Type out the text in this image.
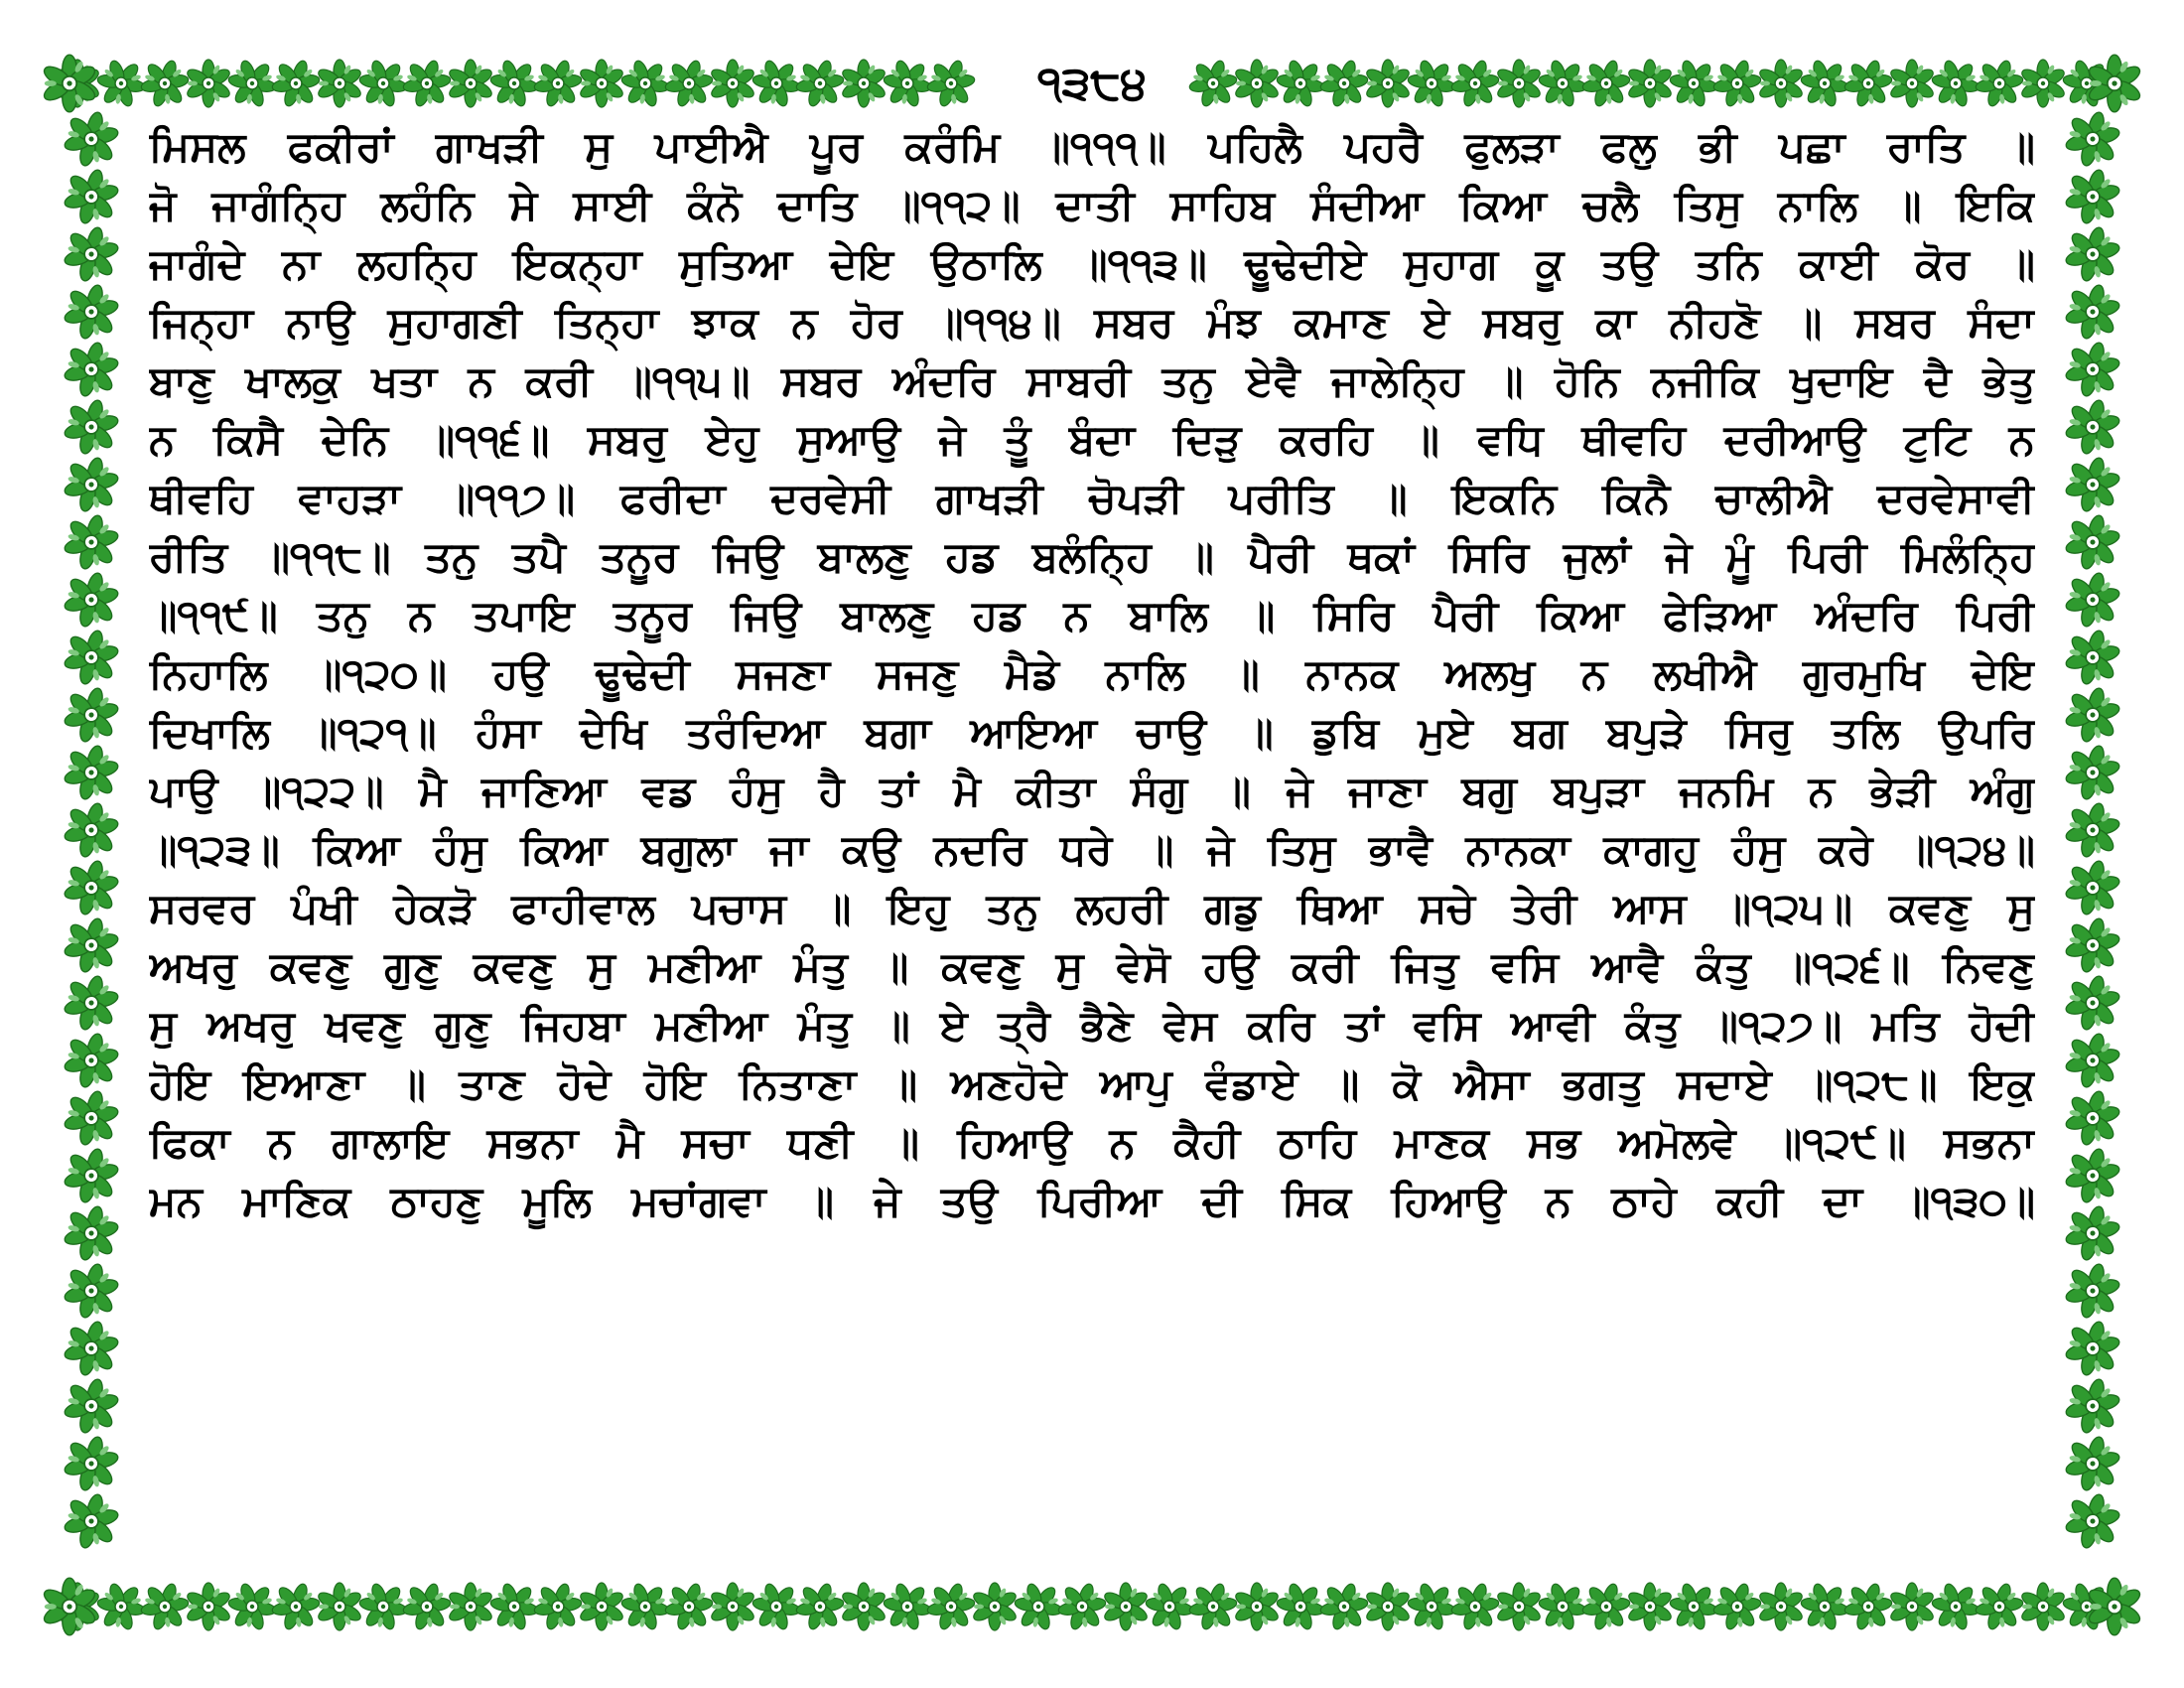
੧੩੮੪
ਮਿਸਲ ਫਕੀਰਾਂ ਗਾਖੜੀ ਸੁ ਪਾਈਐ ਪੂਰ ਕਰੰਮਿ ॥੧੧੧॥ ਪਹਿਲੈ ਪਹਰੈ ਫੁਲੜਾ ਫਲੁ ਭੀ ਪਛਾ ਰਾਤਿ ॥
ਜੋ ਜਾਗੰਨ੍ਹਿ ਲਹੰਨਿ ਸੇ ਸਾਈ ਕੰਨੋ ਦਾਤਿ ॥੧੧੨॥ ਦਾਤੀ ਸਾਹਿਬ ਸੰਦੀਆ ਕਿਆ ਚਲੈ ਤਿਸੁ ਨਾਲਿ ॥ ਇਕਿ
ਜਾਗੰਦੇ ਨਾ ਲਹਨ੍ਹਿ ਇਕਨ੍ਹਾ ਸੁਤਿਆ ਦੇਇ ਉਠਾਲਿ ॥੧੧੩॥ ਢੂਢੇਦੀਏ ਸੁਹਾਗ ਕੂ ਤਉ ਤਨਿ ਕਾਈ ਕੋਰ ॥
ਜਿਨ੍ਹਾ ਨਾਉ ਸੁਹਾਗਣੀ ਤਿਨ੍ਹਾ ਝਾਕ ਨ ਹੋਰ ॥੧੧੪॥ ਸਬਰ ਮੰਝ ਕਮਾਣ ਏ ਸਬਰੁ ਕਾ ਨੀਹਣੋ ॥ ਸਬਰ ਸੰਦਾ
ਬਾਣੁ ਖਾਲਕੁ ਖਤਾ ਨ ਕਰੀ ॥੧੧੫॥ ਸਬਰ ਅੰਦਰਿ ਸਾਬਰੀ ਤਨੁ ਏਵੈ ਜਾਲੇਨ੍ਹਿ ॥ ਹੋਨਿ ਨਜੀਕਿ ਖੁਦਾਇ ਦੈ ਭੇਤੁ
ਨ ਕਿਸੈ ਦੇਨਿ ॥੧੧੬॥ ਸਬਰੁ ਏਹੁ ਸੁਆਉ ਜੇ ਤੂੰ ਬੰਦਾ ਦਿੜੁ ਕਰਹਿ ॥ ਵਧਿ ਥੀਵਹਿ ਦਰੀਆਉ ਟੁਟਿ ਨ
ਥੀਵਹਿ ਵਾਹੜਾ ॥੧੧੭॥ ਫਰੀਦਾ ਦਰਵੇਸੀ ਗਾਖੜੀ ਚੋਪੜੀ ਪਰੀਤਿ ॥ ਇਕਨਿ ਕਿਨੈ ਚਾਲੀਐ ਦਰਵੇਸਾਵੀ
ਰੀਤਿ ॥੧੧੮॥ ਤਨੁ ਤਪੈ ਤਨੂਰ ਜਿਉ ਬਾਲਣੁ ਹਡ ਬਲੰਨ੍ਹਿ ॥ ਪੈਰੀ ਥਕਾਂ ਸਿਰਿ ਜੁਲਾਂ ਜੇ ਮੂੰ ਪਿਰੀ ਮਿਲੰਨ੍ਹਿ
॥੧੧੯॥ ਤਨੁ ਨ ਤਪਾਇ ਤਨੂਰ ਜਿਉ ਬਾਲਣੁ ਹਡ ਨ ਬਾਲਿ ॥ ਸਿਰਿ ਪੈਰੀ ਕਿਆ ਫੇੜਿਆ ਅੰਦਰਿ ਪਿਰੀ
ਨਿਹਾਲਿ ॥੧੨੦॥ ਹਉ ਢੂਢੇਦੀ ਸਜਣਾ ਸਜਣੁ ਮੈਡੇ ਨਾਲਿ ॥ ਨਾਨਕ ਅਲਖੁ ਨ ਲਖੀਐ ਗੁਰਮੁਖਿ ਦੇਇ
ਦਿਖਾਲਿ ॥੧੨੧॥ ਹੰਸਾ ਦੇਖਿ ਤਰੰਦਿਆ ਬਗਾ ਆਇਆ ਚਾਉ ॥ ਡੁਬਿ ਮੁਏ ਬਗ ਬਪੁੜੇ ਸਿਰੁ ਤਲਿ ਉਪਰਿ
ਪਾਉ ॥੧੨੨॥ ਮੈ ਜਾਣਿਆ ਵਡ ਹੰਸੁ ਹੈ ਤਾਂ ਮੈ ਕੀਤਾ ਸੰਗੁ ॥ ਜੇ ਜਾਣਾ ਬਗੁ ਬਪੁੜਾ ਜਨਮਿ ਨ ਭੇੜੀ ਅੰਗੁ
॥੧੨੩॥ ਕਿਆ ਹੰਸੁ ਕਿਆ ਬਗੁਲਾ ਜਾ ਕਉ ਨਦਰਿ ਧਰੇ ॥ ਜੇ ਤਿਸੁ ਭਾਵੈ ਨਾਨਕਾ ਕਾਗਹੁ ਹੰਸੁ ਕਰੇ ॥੧੨੪॥
ਸਰਵਰ ਪੰਖੀ ਹੇਕੜੋ ਫਾਹੀਵਾਲ ਪਚਾਸ ॥ ਇਹੁ ਤਨੁ ਲਹਰੀ ਗਡੁ ਥਿਆ ਸਚੇ ਤੇਰੀ ਆਸ ॥੧੨੫॥ ਕਵਣੁ ਸੁ
ਅਖਰੁ ਕਵਣੁ ਗੁਣੁ ਕਵਣੁ ਸੁ ਮਣੀਆ ਮੰਤੁ ॥ ਕਵਣੁ ਸੁ ਵੇਸੋ ਹਉ ਕਰੀ ਜਿਤੁ ਵਸਿ ਆਵੈ ਕੰਤੁ ॥੧੨੬॥ ਨਿਵਣੁ
ਸੁ ਅਖਰੁ ਖਵਣੁ ਗੁਣੁ ਜਿਹਬਾ ਮਣੀਆ ਮੰਤੁ ॥ ਏ ਤ੍ਰੈ ਭੈਣੇ ਵੇਸ ਕਰਿ ਤਾਂ ਵਸਿ ਆਵੀ ਕੰਤੁ ॥੧੨੭॥ ਮਤਿ ਹੋਦੀ
ਹੋਇ ਇਆਣਾ ॥ ਤਾਣ ਹੋਦੇ ਹੋਇ ਨਿਤਾਣਾ ॥ ਅਣਹੋਦੇ ਆਪੁ ਵੰਡਾਏ ॥ ਕੋ ਐਸਾ ਭਗਤੁ ਸਦਾਏ ॥੧੨੮॥ ਇਕੁ
ਫਿਕਾ ਨ ਗਾਲਾਇ ਸਭਨਾ ਮੈ ਸਚਾ ਧਣੀ ॥ ਹਿਆਉ ਨ ਕੈਹੀ ਠਾਹਿ ਮਾਣਕ ਸਭ ਅਮੋਲਵੇ ॥੧੨੯॥ ਸਭਨਾ
ਮਨ ਮਾਣਿਕ ਠਾਹਣੁ ਮੂਲਿ ਮਚਾਂਗਵਾ ॥ ਜੇ ਤਉ ਪਿਰੀਆ ਦੀ ਸਿਕ ਹਿਆਉ ਨ ਠਾਹੇ ਕਹੀ ਦਾ ॥੧੩੦॥
